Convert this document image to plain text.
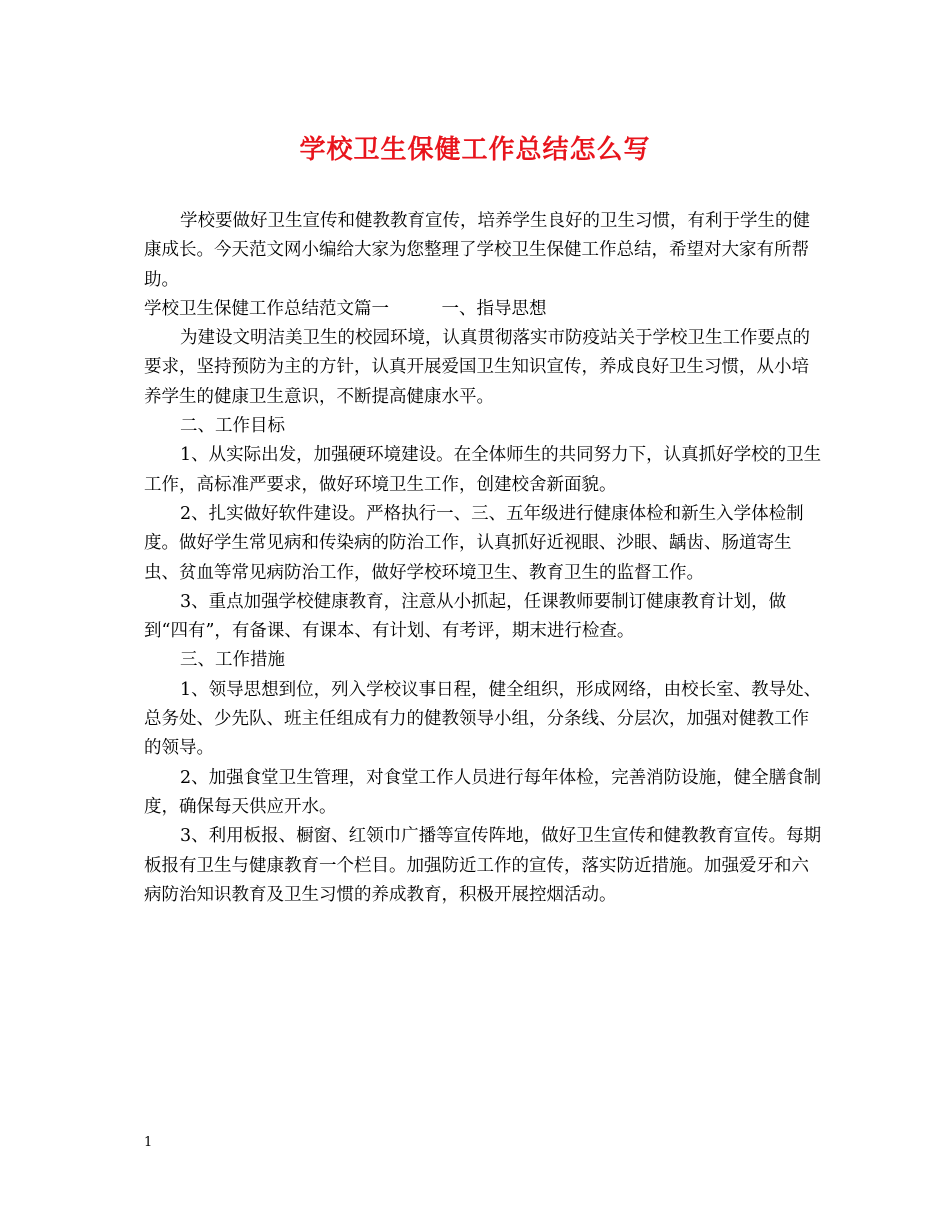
学校卫生保健工作总结怎么写

学校要做好卫生宣传和健教教育宣传，培养学生良好的卫生习惯，有利于学生的健康成长。今天范文网小编给大家为您整理了学校卫生保健工作总结，希望对大家有所帮助。

学校卫生保健工作总结范文篇一　　　一、指导思想

为建设文明洁美卫生的校园环境，认真贯彻落实市防疫站关于学校卫生工作要点的要求，坚持预防为主的方针，认真开展爱国卫生知识宣传，养成良好卫生习惯，从小培养学生的健康卫生意识，不断提高健康水平。

二、工作目标

1、从实际出发，加强硬环境建设。在全体师生的共同努力下，认真抓好学校的卫生工作，高标准严要求，做好环境卫生工作，创建校舍新面貌。

2、扎实做好软件建设。严格执行一、三、五年级进行健康体检和新生入学体检制度。做好学生常见病和传染病的防治工作，认真抓好近视眼、沙眼、龋齿、肠道寄生虫、贫血等常见病防治工作，做好学校环境卫生、教育卫生的监督工作。

3、重点加强学校健康教育，注意从小抓起，任课教师要制订健康教育计划，做到“四有”，有备课、有课本、有计划、有考评，期末进行检查。

三、工作措施

1、领导思想到位，列入学校议事日程，健全组织，形成网络，由校长室、教导处、总务处、少先队、班主任组成有力的健教领导小组，分条线、分层次，加强对健教工作的领导。

2、加强食堂卫生管理，对食堂工作人员进行每年体检，完善消防设施，健全膳食制度，确保每天供应开水。

3、利用板报、橱窗、红领巾广播等宣传阵地，做好卫生宣传和健教教育宣传。每期板报有卫生与健康教育一个栏目。加强防近工作的宣传，落实防近措施。加强爱牙和六病防治知识教育及卫生习惯的养成教育，积极开展控烟活动。

1
